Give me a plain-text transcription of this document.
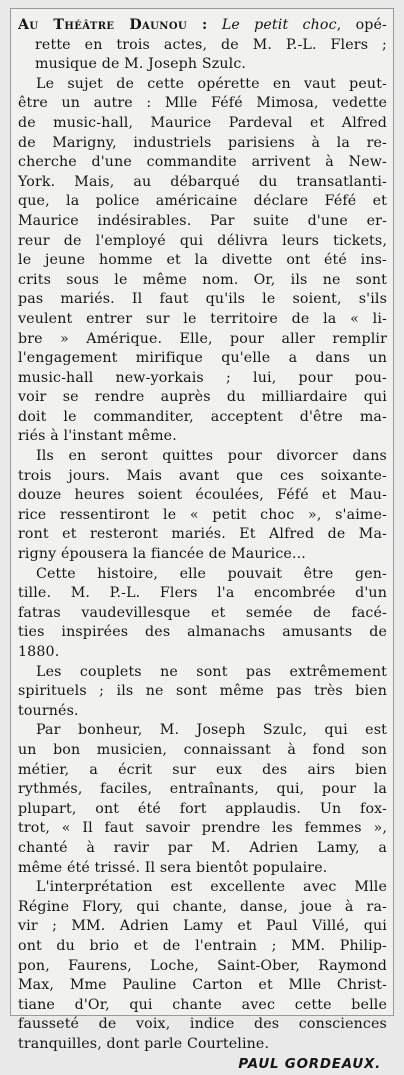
Au Théâtre Daunou : Le petit choc, opé-
rette en trois actes, de M. P.-L. Flers ;
musique de M. Joseph Szulc.
Le sujet de cette opérette en vaut peut-
être un autre : Mlle Féfé Mimosa, vedette
de music-hall, Maurice Pardeval et Alfred
de Marigny, industriels parisiens à la re-
cherche d'une commandite arrivent à New-
York. Mais, au débarqué du transatlanti-
que, la police américaine déclare Féfé et
Maurice indésirables. Par suite d'une er-
reur de l'employé qui délivra leurs tickets,
le jeune homme et la divette ont été ins-
crits sous le même nom. Or, ils ne sont
pas mariés. Il faut qu'ils le soient, s'ils
veulent entrer sur le territoire de la « li-
bre » Amérique. Elle, pour aller remplir
l'engagement mirifique qu'elle a dans un
music-hall new-yorkais ; lui, pour pou-
voir se rendre auprès du milliardaire qui
doit le commanditer, acceptent d'être ma-
riés à l'instant même.
Ils en seront quittes pour divorcer dans
trois jours. Mais avant que ces soixante-
douze heures soient écoulées, Féfé et Mau-
rice ressentiront le « petit choc », s'aime-
ront et resteront mariés. Et Alfred de Ma-
rigny épousera la fiancée de Maurice...
Cette histoire, elle pouvait être gen-
tille. M. P.-L. Flers l'a encombrée d'un
fatras vaudevillesque et semée de facé-
ties inspirées des almanachs amusants de
1880.
Les couplets ne sont pas extrêmement
spirituels ; ils ne sont même pas très bien
tournés.
Par bonheur, M. Joseph Szulc, qui est
un bon musicien, connaissant à fond son
métier, a écrit sur eux des airs bien
rythmés, faciles, entraînants, qui, pour la
plupart, ont été fort applaudis. Un fox-
trot, « Il faut savoir prendre les femmes »,
chanté à ravir par M. Adrien Lamy, a
même été trissé. Il sera bientôt populaire.
L'interprétation est excellente avec Mlle
Régine Flory, qui chante, danse, joue à ra-
vir ; MM. Adrien Lamy et Paul Villé, qui
ont du brio et de l'entrain ; MM. Philip-
pon, Faurens, Loche, Saint-Ober, Raymond
Max, Mme Pauline Carton et Mlle Christ-
tiane d'Or, qui chante avec cette belle
fausseté de voix, indice des consciences
tranquilles, dont parle Courteline.
PAUL GORDEAUX.
